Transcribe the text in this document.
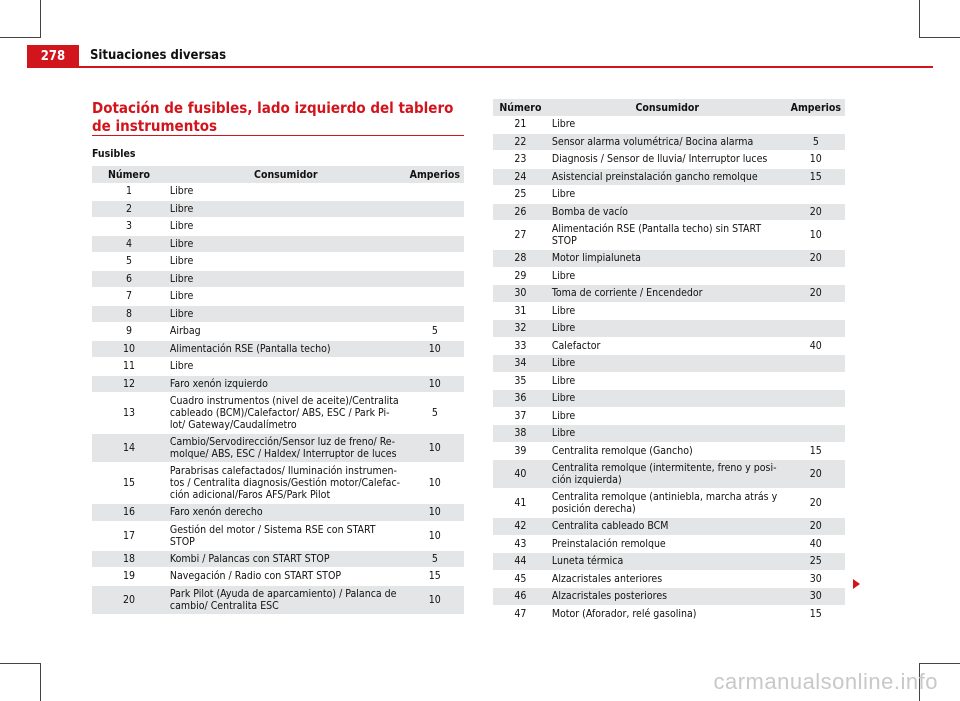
278	Situaciones diversas
Dotación de fusibles, lado izquierdo del tablero de instrumentos
Fusibles
Número	Consumidor	Amperios
1	Libre	
2	Libre	
3	Libre	
4	Libre	
5	Libre	
6	Libre	
7	Libre	
8	Libre	
9	Airbag	5
10	Alimentación RSE (Pantalla techo)	10
11	Libre	
12	Faro xenón izquierdo	10
13	Cuadro instrumentos (nivel de aceite)/Centralita cableado (BCM)/Calefactor/ ABS, ESC / Park Pi-lot/ Gateway/Caudalímetro	5
14	Cambio/Servodirección/Sensor luz de freno/ Re-molque/ ABS, ESC / Haldex/ Interruptor de luces	10
15	Parabrisas calefactados/ Iluminación instrumen-tos / Centralita diagnosis/Gestión motor/Calefac-ción adicional/Faros AFS/Park Pilot	10
16	Faro xenón derecho	10
17	Gestión del motor / Sistema RSE con START STOP	10
18	Kombi / Palancas con START STOP	5
19	Navegación / Radio con START STOP	15
20	Park Pilot (Ayuda de aparcamiento) / Palanca de cambio/ Centralita ESC	10
Número	Consumidor	Amperios
21	Libre	
22	Sensor alarma volumétrica/ Bocina alarma	5
23	Diagnosis / Sensor de lluvia/ Interruptor luces	10
24	Asistencial preinstalación gancho remolque	15
25	Libre	
26	Bomba de vacío	20
27	Alimentación RSE (Pantalla techo) sin START STOP	10
28	Motor limpialuneta	20
29	Libre	
30	Toma de corriente / Encendedor	20
31	Libre	
32	Libre	
33	Calefactor	40
34	Libre	
35	Libre	
36	Libre	
37	Libre	
38	Libre	
39	Centralita remolque (Gancho)	15
40	Centralita remolque (intermitente, freno y posi-ción izquierda)	20
41	Centralita remolque (antiniebla, marcha atrás y posición derecha)	20
42	Centralita cableado BCM	20
43	Preinstalación remolque	40
44	Luneta térmica	25
45	Alzacristales anteriores	30
46	Alzacristales posteriores	30
47	Motor (Aforador, relé gasolina)	15
carmanualsonline.info
